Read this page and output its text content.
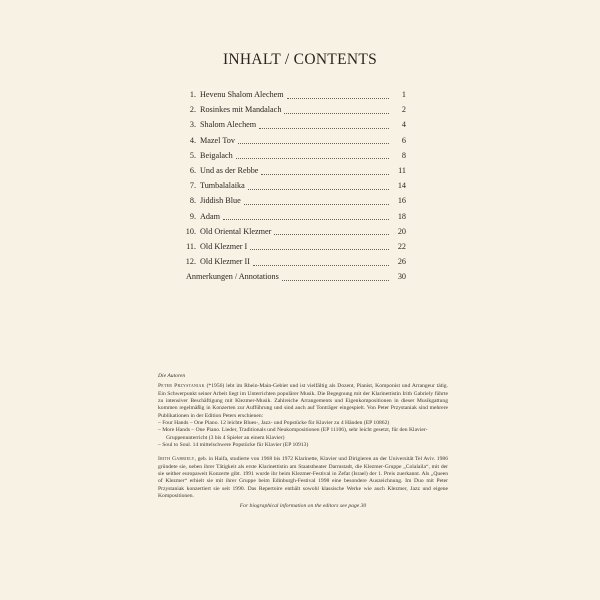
INHALT / CONTENTS
1. Hevenu Shalom Alechem	1
2. Rosinkes mit Mandalach	2
3. Shalom Alechem	4
4. Mazel Tov	6
5. Beigalach	8
6. Und as der Rebbe	11
7. Tumbalalaika	14
8. Jiddish Blue	16
9. Adam	18
10. Old Oriental Klezmer	20
11. Old Klezmer I	22
12. Old Klezmer II	26
Anmerkungen / Annotations	30

Die Autoren

Peter Przystaniak (*1956) lebt im Rhein-Main-Gebiet und ist vielfältig als Dozent, Pianist, Komponist und Arrangeur tätig. Ein Schwerpunkt seiner Arbeit liegt im Unterrichten populärer Musik. Die Begegnung mit der Klarinettistin Irith Gabriely führte zu intensiver Beschäftigung mit Klezmer-Musik. Zahlreiche Arrangements und Eigenkompositionen in dieser Musikgattung kommen regelmäßig in Konzerten zur Aufführung und sind auch auf Tonträger eingespielt. Von Peter Przystaniak sind mehrere Publikationen in der Edition Peters erschienen:

– Four Hands – One Piano. 12 leichte Blues-, Jazz- und Popstücke für Klavier zu 4 Händen (EP 10862)
– More Hands – One Piano. Lieder, Traditionals und Neukompositionen (EP 11106), sehr leicht gesetzt, für den Klavier-Gruppenunterricht (3 bis 4 Spieler an einem Klavier)
– Soul to Soul. 14 mittelschwere Popstücke für Klavier (EP 10913)

Irith Gabriely, geb. in Haifa, studierte von 1968 bis 1972 Klarinette, Klavier und Dirigieren an der Universität Tel Aviv. 1986 gründete sie, neben ihrer Tätigkeit als erste Klarinettistin am Staatstheater Darmstadt, die Klezmer-Gruppe „Colalaila“, mit der sie seither europaweit Konzerte gibt. 1991 wurde ihr beim Klezmer-Festival in Zefat (Israel) der 1. Preis zuerkannt. Als „Queen of Klezmer“ erhielt sie mit ihrer Gruppe beim Edinburgh-Festival 1998 eine besondere Auszeichnung. Im Duo mit Peter Przystaniak konzertiert sie seit 1990. Das Repertoire enthält sowohl klassische Werke wie auch Klezmer, Jazz und eigene Kompositionen.

For biographical information on the editors see page 30
